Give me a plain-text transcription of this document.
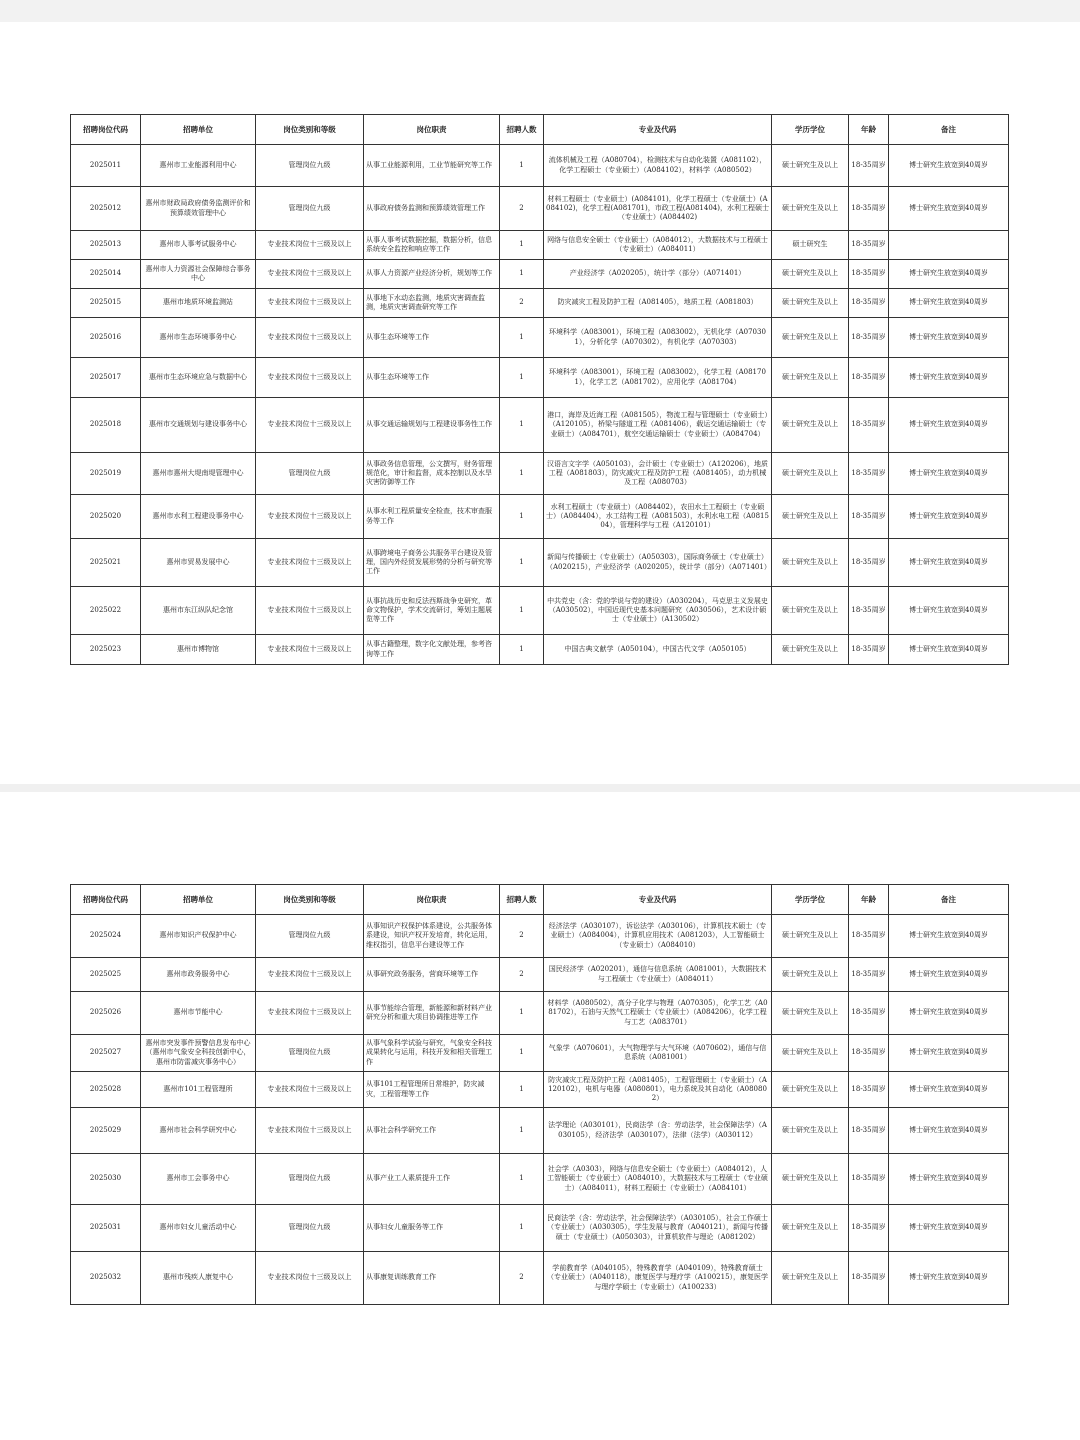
招聘岗位代码	招聘单位	岗位类别和等级	岗位职责	招聘人数	专业及代码	学历学位	年龄	备注
2025011	惠州市工业能源利用中心	管理岗位九级	从事工业能源利用，工业节能研究等工作	1	流体机械及工程（A080704），检测技术与自动化装置（A081102），化学工程硕士（专业硕士）（A084102），材料学（A080502）	硕士研究生及以上	18-35周岁	博士研究生放宽到40周岁
2025012	惠州市财政局政府债务监测评价和预算绩效管理中心	管理岗位九级	从事政府债务监测和预算绩效管理工作	2	材料工程硕士（专业硕士）(A084101)，化学工程硕士（专业硕士）(A084102)，化学工程(A081701)，市政工程(A081404)，水利工程硕士（专业硕士）(A084402)	硕士研究生及以上	18-35周岁	博士研究生放宽到40周岁
2025013	惠州市人事考试服务中心	专业技术岗位十三级及以上	从事人事考试数据挖掘，数据分析，信息系统安全监控和响应等工作	1	网络与信息安全硕士（专业硕士）（A084012），大数据技术与工程硕士（专业硕士）（A084011）	硕士研究生	18-35周岁	
2025014	惠州市人力资源社会保障综合事务中心	专业技术岗位十三级及以上	从事人力资源产业经济分析，规划等工作	1	产业经济学（A020205），统计学（部分）（A071401）	硕士研究生及以上	18-35周岁	博士研究生放宽到40周岁
2025015	惠州市地质环境监测站	专业技术岗位十三级及以上	从事地下水动态监测，地质灾害调查监测，地质灾害调查研究等工作	2	防灾减灾工程及防护工程（A081405），地质工程（A081803）	硕士研究生及以上	18-35周岁	博士研究生放宽到40周岁
2025016	惠州市生态环境事务中心	专业技术岗位十三级及以上	从事生态环境等工作	1	环境科学（A083001），环境工程（A083002），无机化学（A070301），分析化学（A070302），有机化学（A070303）	硕士研究生及以上	18-35周岁	博士研究生放宽到40周岁
2025017	惠州市生态环境应急与数据中心	专业技术岗位十三级及以上	从事生态环境等工作	1	环境科学（A083001），环境工程（A083002），化学工程（A081701），化学工艺（A081702），应用化学（A081704）	硕士研究生及以上	18-35周岁	博士研究生放宽到40周岁
2025018	惠州市交通规划与建设事务中心	专业技术岗位十三级及以上	从事交通运输规划与工程建设事务性工作	1	港口，海岸及近海工程（A081505），物流工程与管理硕士（专业硕士）（A120105），桥梁与隧道工程（A081406），载运交通运输硕士（专业硕士）（A084701），航空交通运输硕士（专业硕士）（A084704）	硕士研究生及以上	18-35周岁	博士研究生放宽到40周岁
2025019	惠州市惠州大堤南堤管理中心	管理岗位九级	从事政务信息管理，公文撰写，财务管理规范化，审计和监督，成本控制以及水旱灾害防御等工作	1	汉语言文字学（A050103），会计硕士（专业硕士）（A120206），地质工程（A081803），防灾减灾工程及防护工程（A081405），动力机械及工程（A080703）	硕士研究生及以上	18-35周岁	博士研究生放宽到40周岁
2025020	惠州市水利工程建设事务中心	专业技术岗位十三级及以上	从事水利工程质量安全检查，技术审查服务等工作	1	水利工程硕士（专业硕士）（A084402），农田水土工程硕士（专业硕士）（A084404），水工结构工程（A081503），水利水电工程（A081504），管理科学与工程（A120101）	硕士研究生及以上	18-35周岁	博士研究生放宽到40周岁
2025021	惠州市贸易发展中心	专业技术岗位十三级及以上	从事跨境电子商务公共服务平台建设及管理，国内外经贸发展形势的分析与研究等工作	1	新闻与传播硕士（专业硕士）（A050303），国际商务硕士（专业硕士）（A020215），产业经济学（A020205），统计学（部分）（A071401）	硕士研究生及以上	18-35周岁	博士研究生放宽到40周岁
2025022	惠州市东江纵队纪念馆	专业技术岗位十三级及以上	从事抗战历史和反法西斯战争史研究，革命文物保护，学术交流研讨，筹划主题展览等工作	1	中共党史（含：党的学说与党的建设）（A030204），马克思主义发展史（A030502），中国近现代史基本问题研究（A030506），艺术设计硕士（专业硕士）（A130502）	硕士研究生及以上	18-35周岁	博士研究生放宽到40周岁
2025023	惠州市博物馆	专业技术岗位十三级及以上	从事古籍整理，数字化文献处理，参考咨询等工作	1	中国古典文献学（A050104），中国古代文学（A050105）	硕士研究生及以上	18-35周岁	博士研究生放宽到40周岁
招聘岗位代码	招聘单位	岗位类别和等级	岗位职责	招聘人数	专业及代码	学历学位	年龄	备注
2025024	惠州市知识产权保护中心	管理岗位九级	从事知识产权保护体系建设，公共服务体系建设，知识产权开发培育，转化运用，维权指引，信息平台建设等工作	2	经济法学（A030107），诉讼法学（A030106），计算机技术硕士（专业硕士）（A084004），计算机应用技术（A081203），人工智能硕士（专业硕士）（A084010）	硕士研究生及以上	18-35周岁	博士研究生放宽到40周岁
2025025	惠州市政务服务中心	专业技术岗位十三级及以上	从事研究政务服务，营商环境等工作	2	国民经济学（A020201），通信与信息系统（A081001），大数据技术与工程硕士（专业硕士）（A084011）	硕士研究生及以上	18-35周岁	博士研究生放宽到40周岁
2025026	惠州市节能中心	专业技术岗位十三级及以上	从事节能综合管理，新能源和新材料产业研究分析和重大项目协调推进等工作	1	材料学（A080502），高分子化学与物理（A070305），化学工艺（A081702），石油与天然气工程硕士（专业硕士）（A084206），化学工程与工艺（A083701）	硕士研究生及以上	18-35周岁	博士研究生放宽到40周岁
2025027	惠州市突发事件预警信息发布中心（惠州市气象安全科技创新中心，惠州市防雷减灾事务中心）	管理岗位九级	从事气象科学试验与研究，气象安全科技成果转化与运用，科技开发和相关管理工作	1	气象学（A070601），大气物理学与大气环境（A070602），通信与信息系统（A081001）	硕士研究生及以上	18-35周岁	博士研究生放宽到40周岁
2025028	惠州市101工程管理所	专业技术岗位十三级及以上	从事101工程管理所日常维护，防灾减灾，工程管理等工作	1	防灾减灾工程及防护工程（A081405），工程管理硕士（专业硕士）（A120102），电机与电器（A080801），电力系统及其自动化（A080802）	硕士研究生及以上	18-35周岁	博士研究生放宽到40周岁
2025029	惠州市社会科学研究中心	专业技术岗位十三级及以上	从事社会科学研究工作	1	法学理论（A030101），民商法学（含：劳动法学，社会保障法学）（A030105），经济法学（A030107），法律（法学）（A030112）	硕士研究生及以上	18-35周岁	博士研究生放宽到40周岁
2025030	惠州市工会事务中心	管理岗位九级	从事产业工人素质提升工作	1	社会学（A0303），网络与信息安全硕士（专业硕士）（A084012），人工智能硕士（专业硕士）（A084010），大数据技术与工程硕士（专业硕士）（A084011），材料工程硕士（专业硕士）（A084101）	硕士研究生及以上	18-35周岁	博士研究生放宽到40周岁
2025031	惠州市妇女儿童活动中心	管理岗位九级	从事妇女儿童服务等工作	1	民商法学（含：劳动法学，社会保障法学）（A030105），社会工作硕士（专业硕士）（A030305），学生发展与教育（A040121），新闻与传播硕士（专业硕士）（A050303），计算机软件与理论（A081202）	硕士研究生及以上	18-35周岁	博士研究生放宽到40周岁
2025032	惠州市残疾人康复中心	专业技术岗位十三级及以上	从事康复训练教育工作	2	学前教育学（A040105），特殊教育学（A040109），特殊教育硕士（专业硕士）（A040118），康复医学与理疗学（A100215），康复医学与理疗学硕士（专业硕士）（A100233）	硕士研究生及以上	18-35周岁	博士研究生放宽到40周岁
